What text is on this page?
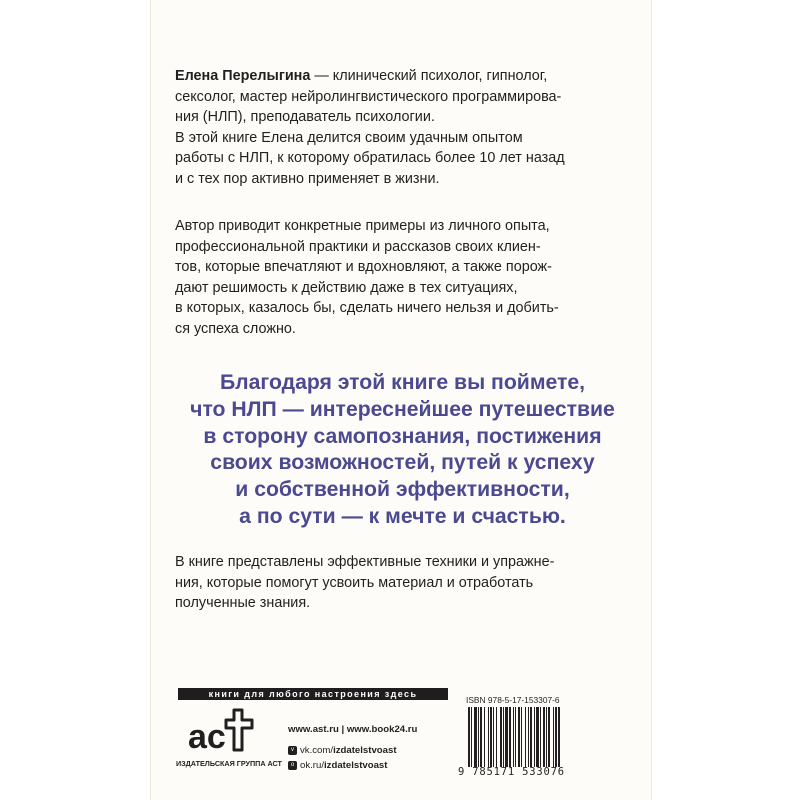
Елена Перелыгина — клинический психолог, гипнолог,
сексолог, мастер нейролингвистического программирова-
ния (НЛП), преподаватель психологии.
В этой книге Елена делится своим удачным опытом
работы с НЛП, к которому обратилась более 10 лет назад
и с тех пор активно применяет в жизни.

Автор приводит конкретные примеры из личного опыта,
профессиональной практики и рассказов своих клиен-
тов, которые впечатляют и вдохновляют, а также порож-
дают решимость к действию даже в тех ситуациях,
в которых, казалось бы, сделать ничего нельзя и добить-
ся успеха сложно.

Благодаря этой книге вы поймете,
что НЛП — интереснейшее путешествие
в сторону самопознания, постижения
своих возможностей, путей к успеху
и собственной эффективности,
а по сути — к мечте и счастью.

В книге представлены эффективные техники и упражне-
ния, которые помогут усвоить материал и отработать
полученные знания.

книги для любого настроения здесь
ac
ИЗДАТЕЛЬСКАЯ ГРУППА АСТ
www.ast.ru | www.book24.ru
v vk.com/ izdatelstvoast
o ok.ru/ izdatelstvoast
ISBN 978-5-17-153307-6
9 785171 533076
